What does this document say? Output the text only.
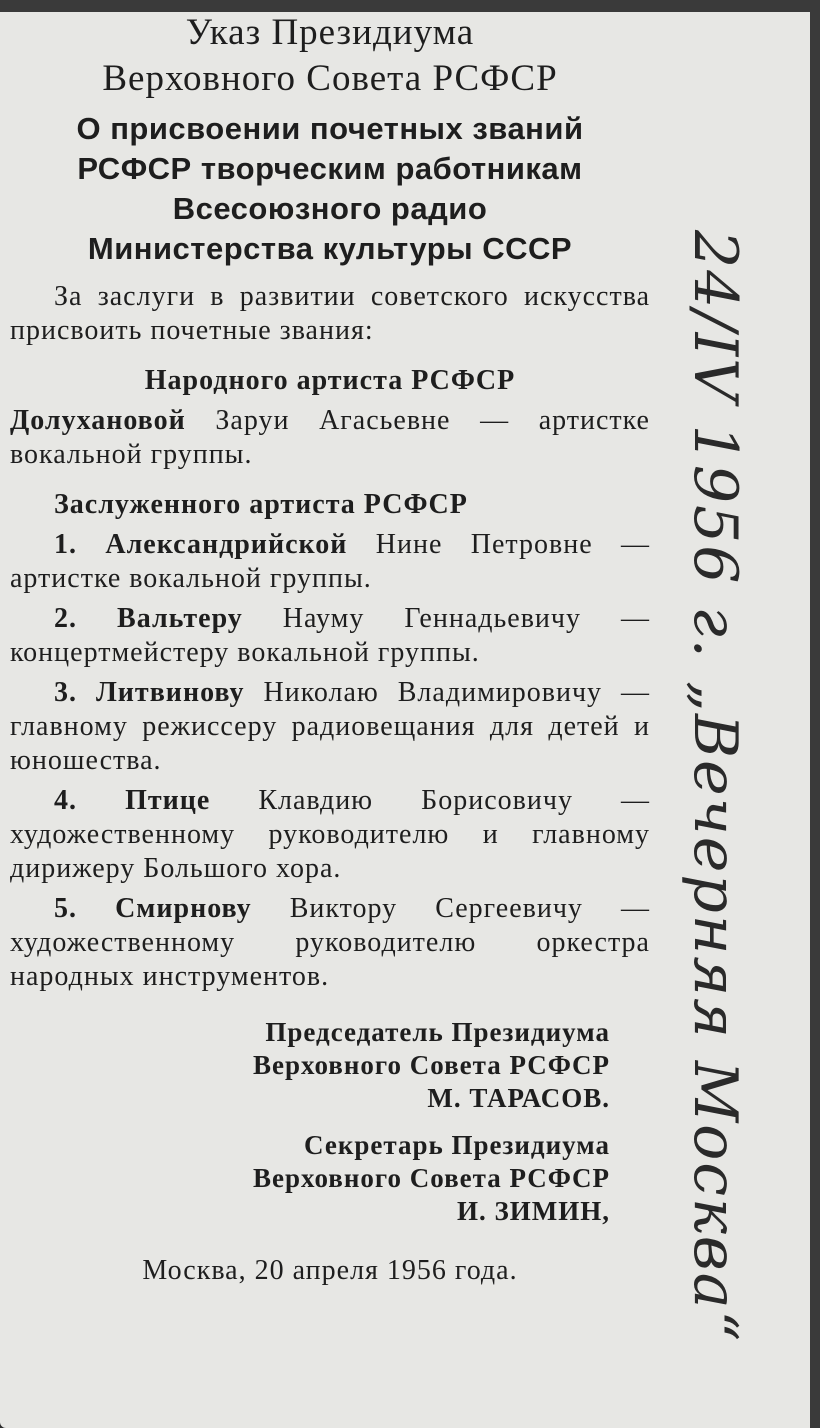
Указ Президиума

Верховного Совета РСФСР

О присвоении почетных званий

РСФСР творческим работникам

Всесоюзного радио

Министерства культуры СССР

За заслуги в развитии советского искусства присвоить почетные звания:

Народного артиста РСФСР

Долухановой Заруи Агасьевне — артистке вокальной группы.

Заслуженного артиста РСФСР

1. Александрийской Нине Петровне — артистке вокальной группы.

2. Вальтеру Науму Геннадьевичу — концертмейстеру вокальной группы.

3. Литвинову Николаю Владимировичу — главному режиссеру радиовещания для детей и юношества.

4. Птице Клавдию Борисовичу — художественному руководителю и главному дирижеру Большого хора.

5. Смирнову Виктору Сергеевичу — художественному руководителю оркестра народных инструментов.

Председатель Президиума

Верховного Совета РСФСР

М. ТАРАСОВ.

Секретарь Президиума

Верховного Совета РСФСР

И. ЗИМИН,

Москва, 20 апреля 1956 года.	24/IV 1956 г. „Вечерняя Москва“
